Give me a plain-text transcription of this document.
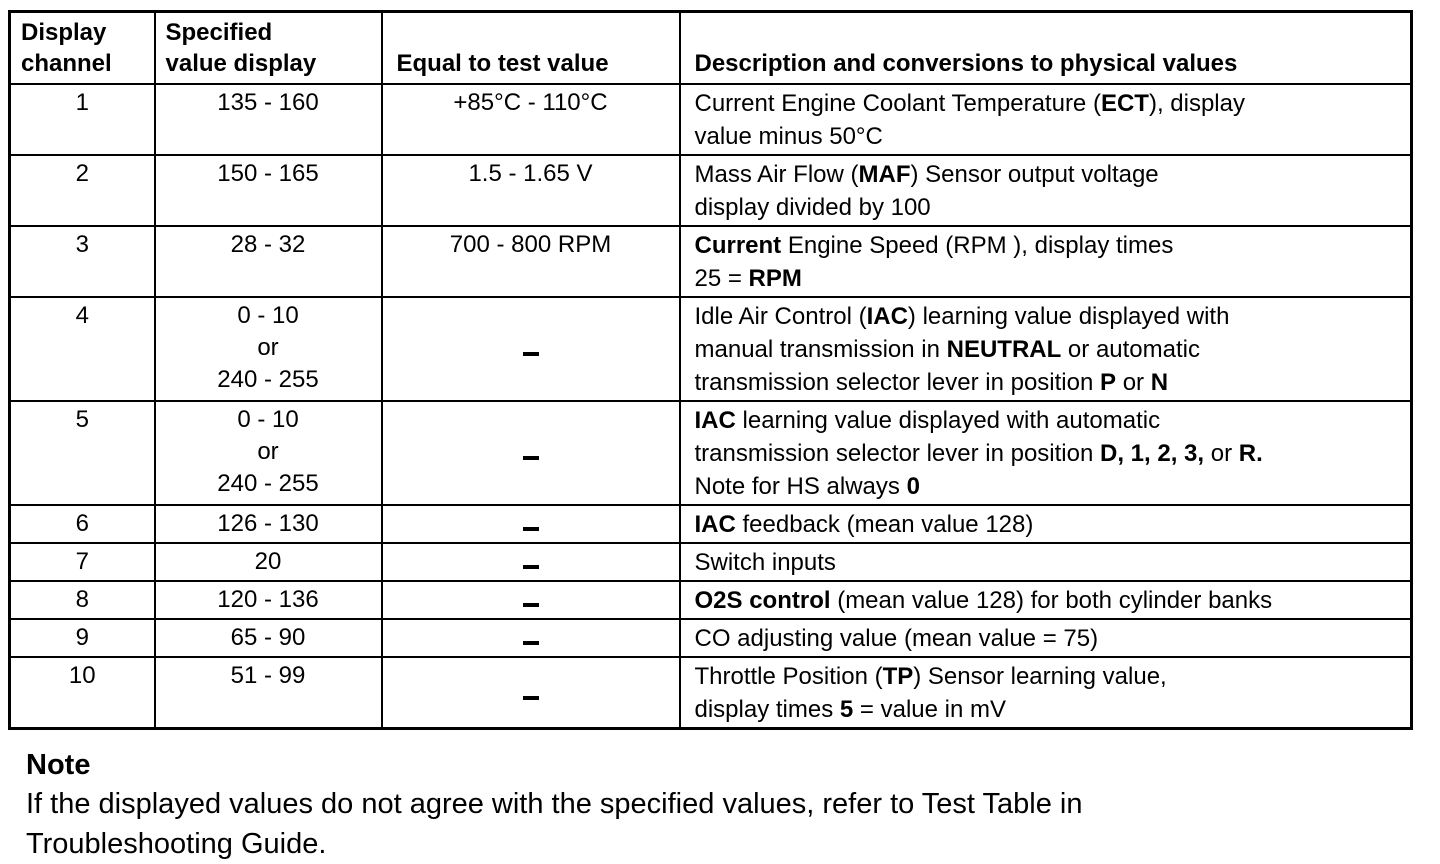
Display
channel	Specified
value display	Equal to test value	Description and conversions to physical values
1	135 - 160	+85°C - 110°C	Current Engine Coolant Temperature (ECT), display
value minus 50°C
2	150 - 165	1.5 - 1.65 V	Mass Air Flow (MAF) Sensor output voltage
display divided by 100
3	28 - 32	700 - 800 RPM	Current Engine Speed (RPM ), display times
25 = RPM
4	0 - 10
or
240 - 255		Idle Air Control (IAC) learning value displayed with
manual transmission in NEUTRAL or automatic
transmission selector lever in position P or N
5	0 - 10
or
240 - 255		IAC learning value displayed with automatic
transmission selector lever in position D, 1, 2, 3, or R.
Note for HS always 0
6	126 - 130		IAC feedback (mean value 128)
7	20		Switch inputs
8	120 - 136		O2S control (mean value 128) for both cylinder banks
9	65 - 90		CO adjusting value (mean value = 75)
10	51 - 99		Throttle Position (TP) Sensor learning value,
display times 5 = value in mV
Note
If the displayed values do not agree with the specified values, refer to Test Table in
Troubleshooting Guide.
